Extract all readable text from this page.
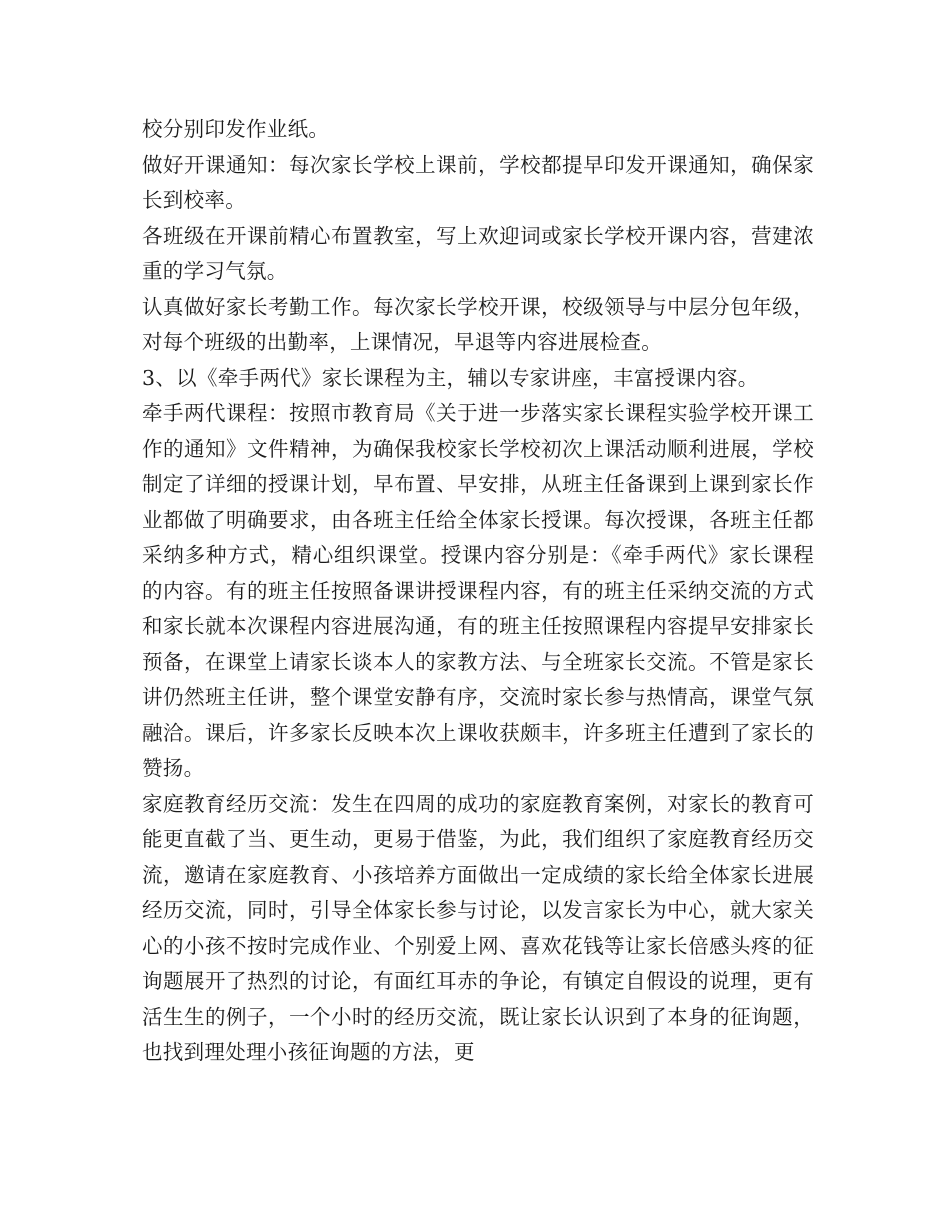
校分别印发作业纸。

做好开课通知：每次家长学校上课前，学校都提早印发开课通知，确保家长到校率。

各班级在开课前精心布置教室，写上欢迎词或家长学校开课内容，营建浓重的学习气氛。

认真做好家长考勤工作。每次家长学校开课，校级领导与中层分包年级，对每个班级的出勤率，上课情况，早退等内容进展检查。

3、以《牵手两代》家长课程为主，辅以专家讲座，丰富授课内容。

牵手两代课程：按照市教育局《关于进一步落实家长课程实验学校开课工作的通知》文件精神，为确保我校家长学校初次上课活动顺利进展，学校制定了详细的授课计划，早布置、早安排，从班主任备课到上课到家长作业都做了明确要求，由各班主任给全体家长授课。每次授课，各班主任都采纳多种方式，精心组织课堂。授课内容分别是：《牵手两代》家长课程的内容。有的班主任按照备课讲授课程内容，有的班主任采纳交流的方式和家长就本次课程内容进展沟通，有的班主任按照课程内容提早安排家长预备，在课堂上请家长谈本人的家教方法、与全班家长交流。不管是家长讲仍然班主任讲，整个课堂安静有序，交流时家长参与热情高，课堂气氛融洽。课后，许多家长反映本次上课收获颇丰，许多班主任遭到了家长的赞扬。

家庭教育经历交流：发生在四周的成功的家庭教育案例，对家长的教育可能更直截了当、更生动，更易于借鉴，为此，我们组织了家庭教育经历交流，邀请在家庭教育、小孩培养方面做出一定成绩的家长给全体家长进展经历交流，同时，引导全体家长参与讨论，以发言家长为中心，就大家关心的小孩不按时完成作业、个别爱上网、喜欢花钱等让家长倍感头疼的征询题展开了热烈的讨论，有面红耳赤的争论，有镇定自假设的说理，更有活生生的例子，一个小时的经历交流，既让家长认识到了本身的征询题，也找到理处理小孩征询题的方法，更
